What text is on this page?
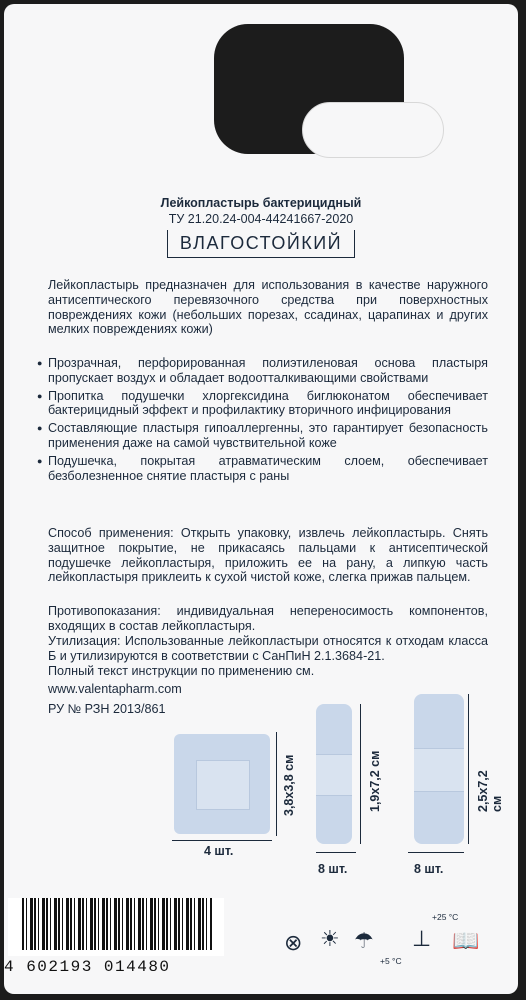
Лейкопластырь бактерицидный
ТУ 21.20.24-004-44241667-2020
ВЛАГОСТОЙКИЙ
Лейкопластырь предназначен для использования в качестве наружного антисептического перевязочного средства при поверхностных повреждениях кожи (небольших порезах, ссадинах, царапинах и других мелких повреждениях кожи)
● Прозрачная, перфорированная полиэтиленовая основа пластыря пропускает воздух и обладает водоотталкивающими свойствами
● Пропитка подушечки хлоргексидина биглюконатом обеспечивает бактерицидный эффект и профилактику вторичного инфицирования
● Составляющие пластыря гипоаллергенны, это гарантирует безопасность применения даже на самой чувствительной коже
● Подушечка, покрытая атравматическим слоем, обеспечивает безболезненное снятие пластыря с раны
Способ применения: Открыть упаковку, извлечь лейкопластырь. Снять защитное покрытие, не прикасаясь пальцами к антисептической подушечке лейкопластыря, приложить ее на рану, а липкую часть лейкопластыря приклеить к сухой чистой коже, слегка прижав пальцем.
Противопоказания: индивидуальная непереносимость компонентов, входящих в состав лейкопластыря.
Утилизация: Использованные лейкопластыри относятся к отходам класса Б и утилизируются в соответствии с СанПиН 2.1.3684-21.
Полный текст инструкции по применению см.
www.valentapharm.com
РУ № РЗН 2013/861
4 шт.
3,8х3,8 см
8 шт.
1,9х7,2 см
8 шт.
2,5х7,2 см
4 602193 014480
⊗ ☀ ☂ ⊥
+25 °С
+5 °С
📖
